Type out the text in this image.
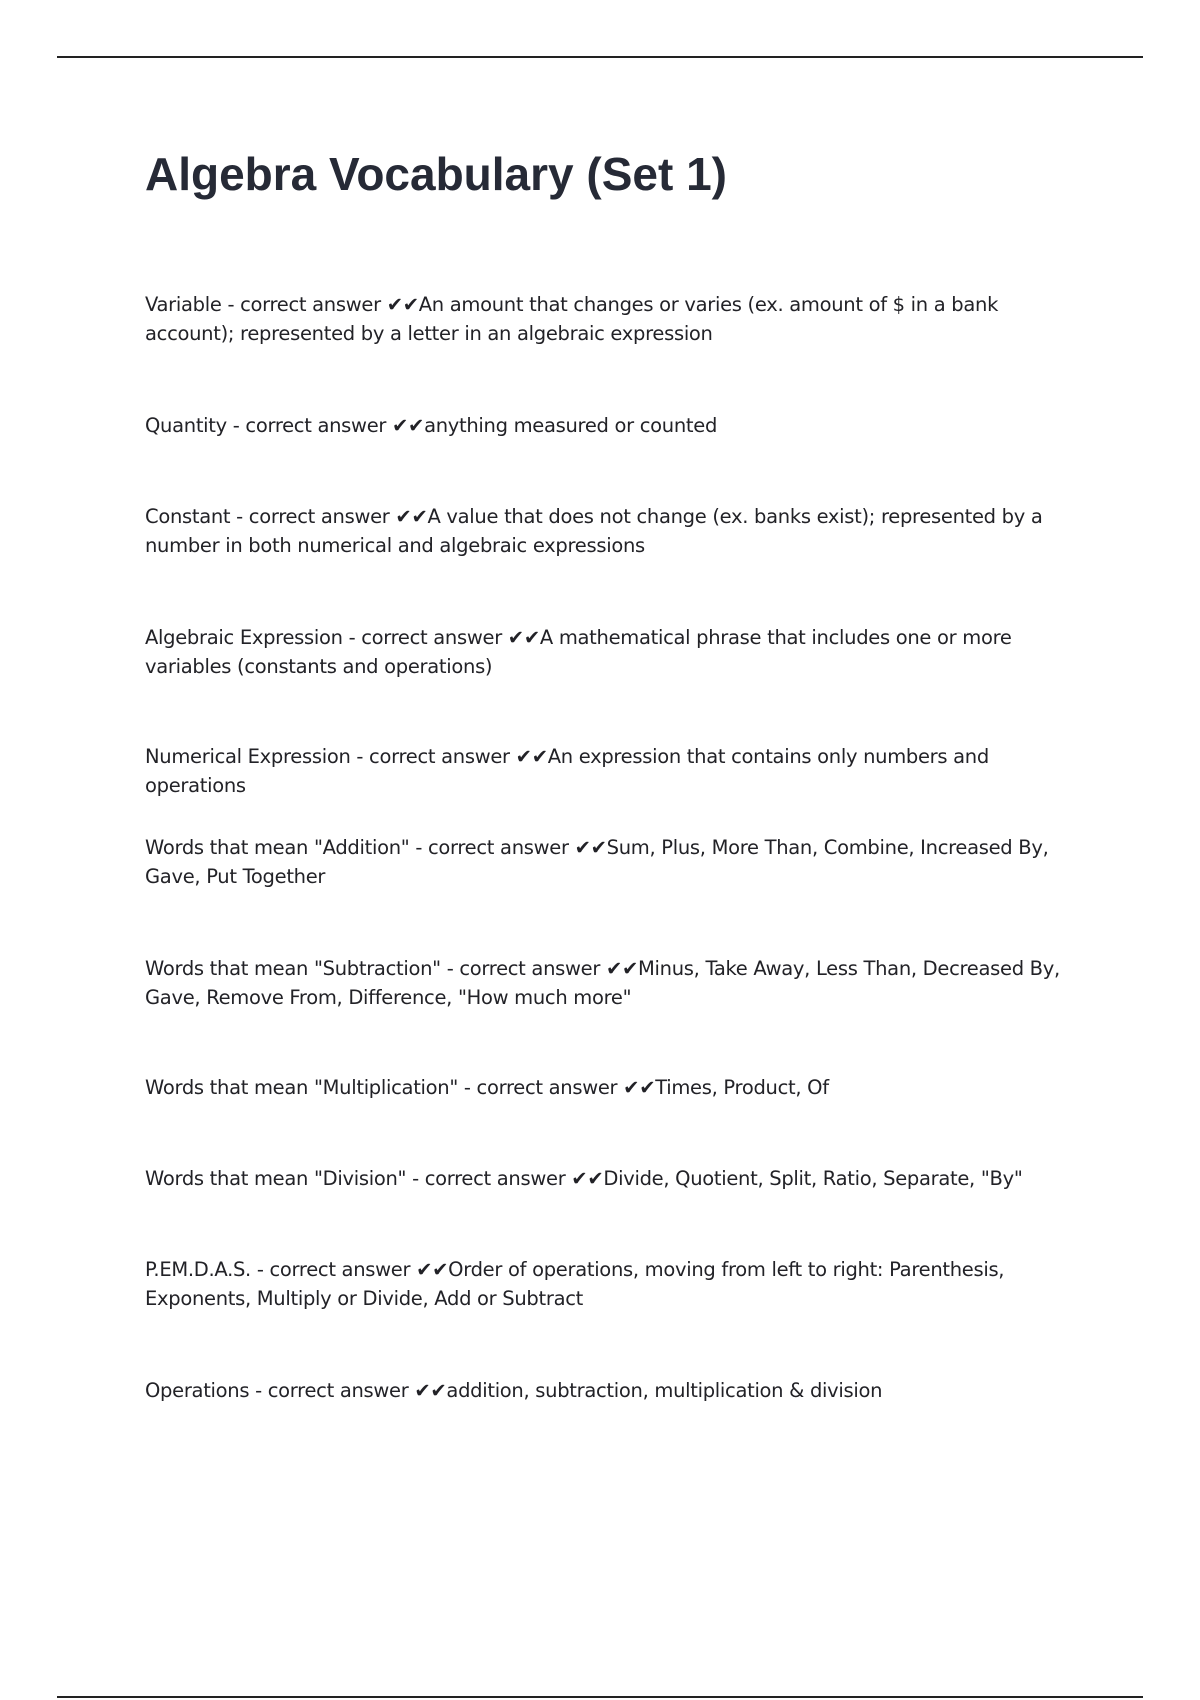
Algebra Vocabulary (Set 1)

Variable - correct answer ✔✔An amount that changes or varies (ex. amount of $ in a bank account); represented by a letter in an algebraic expression

Quantity - correct answer ✔✔anything measured or counted

Constant - correct answer ✔✔A value that does not change (ex. banks exist); represented by a number in both numerical and algebraic expressions

Algebraic Expression - correct answer ✔✔A mathematical phrase that includes one or more variables (constants and operations)

Numerical Expression - correct answer ✔✔An expression that contains only numbers and operations

Words that mean "Addition" - correct answer ✔✔Sum, Plus, More Than, Combine, Increased By, Gave, Put Together

Words that mean "Subtraction" - correct answer ✔✔Minus, Take Away, Less Than, Decreased By, Gave, Remove From, Difference, "How much more"

Words that mean "Multiplication" - correct answer ✔✔Times, Product, Of

Words that mean "Division" - correct answer ✔✔Divide, Quotient, Split, Ratio, Separate, "By"

P.EM.D.A.S. - correct answer ✔✔Order of operations, moving from left to right: Parenthesis, Exponents, Multiply or Divide, Add or Subtract

Operations - correct answer ✔✔addition, subtraction, multiplication & division
